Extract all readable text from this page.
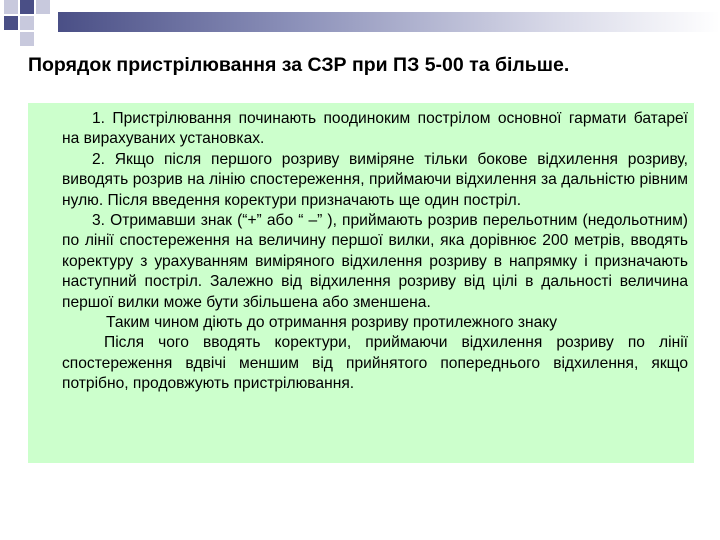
Порядок пристрілювання за СЗР при ПЗ 5-00 та більше.

1. Пристрілювання починають поодиноким пострілом основної гармати батареї на вирахуваних установках.

2. Якщо після першого розриву виміряне тільки бокове відхилення розриву, виводять розрив на лінію спостереження, приймаючи відхилення за дальністю рівним нулю. Після введення коректури призначають ще один постріл.

3. Отримавши знак (“+” або “ –” ), приймають розрив перельотним (недольотним) по лінії спостереження на величину першої вилки, яка дорівнює 200 метрів, вводять коректуру з урахуванням виміряного відхилення розриву в напрямку і призначають наступний постріл. Залежно від відхилення розриву від цілі в дальності величина першої вилки може бути збільшена або зменшена.

Таким чином діють до отримання розриву протилежного знаку

Після чого вводять коректури, приймаючи відхилення розриву по лінії спостереження вдвічі меншим від прийнятого попереднього відхилення, якщо потрібно, продовжують пристрілювання.
